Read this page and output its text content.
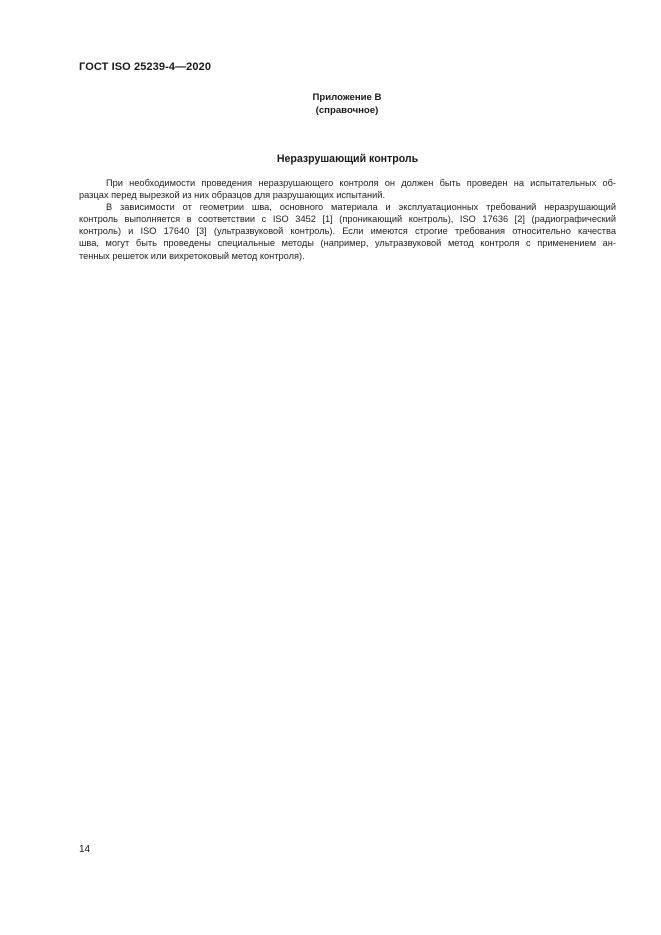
ГОСТ ISO 25239-4—2020
Приложение В
(справочное)
Неразрушающий контроль
При необходимости проведения неразрушающего контроля он должен быть проведен на испытательных об-
разцах перед вырезкой из них образцов для разрушающих испытаний.
В зависимости от геометрии шва, основного материала и эксплуатационных требований неразрушающий
контроль выполняется в соответствии с ISO 3452 [1] (проникающий контроль), ISO 17636 [2] (радиографический
контроль) и ISO 17640 [3] (ультразвуковой контроль). Если имеются строгие требования относительно качества
шва, могут быть проведены специальные методы (например, ультразвуковой метод контроля с применением ан-
тенных решеток или вихретоковый метод контроля).
14
